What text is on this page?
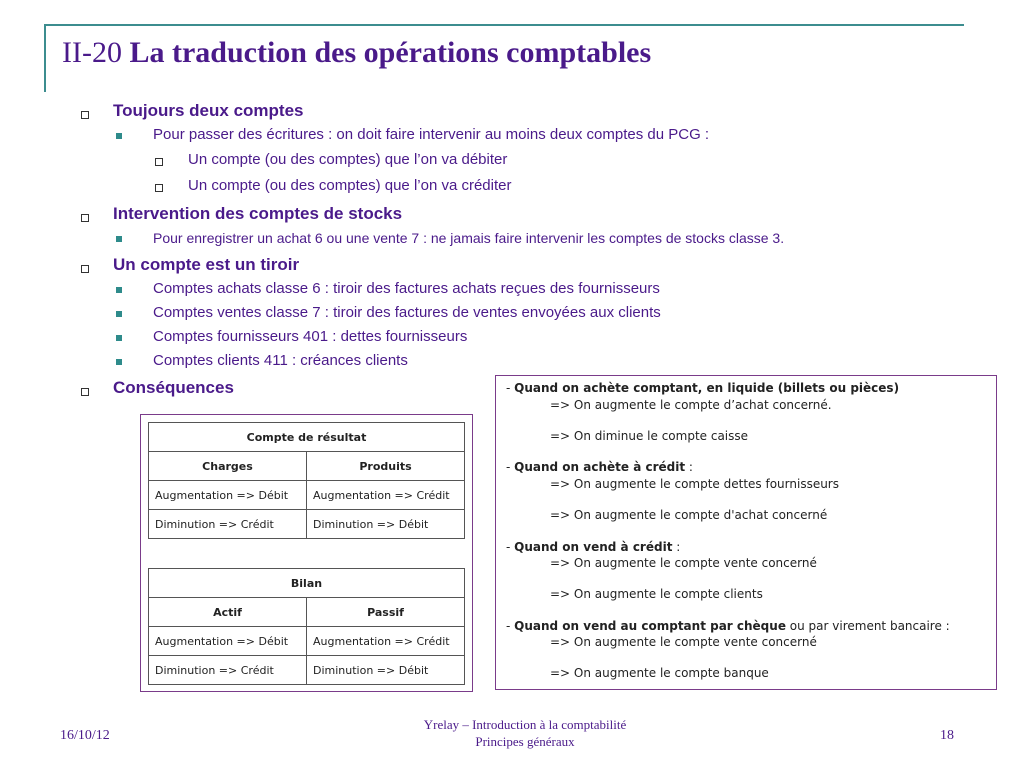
II-20 La traduction des opérations comptables
Toujours deux comptes
Pour passer des écritures : on doit faire intervenir au moins deux comptes du PCG :
Un compte (ou des comptes) que l’on va débiter
Un compte (ou des comptes) que l’on va créditer
Intervention des comptes de stocks
Pour enregistrer un achat 6 ou une vente 7 : ne jamais faire intervenir les comptes de stocks classe 3.
Un compte est un tiroir
Comptes achats classe 6 : tiroir des factures achats reçues des fournisseurs
Comptes ventes classe 7 : tiroir des factures de ventes envoyées aux clients
Comptes fournisseurs 401 : dettes fournisseurs
Comptes clients 411 : créances clients
Conséquences
Compte de résultat	
Charges	Produits
Augmentation => Débit	Augmentation => Crédit
Diminution => Crédit	Diminution => Débit
Bilan	
Actif	Passif
Augmentation => Débit	Augmentation => Crédit
Diminution => Crédit	Diminution => Débit
- Quand on achète comptant, en liquide (billets ou pièces)
=> On augmente le compte d’achat concerné.
=> On diminue le compte caisse
- Quand on achète à crédit :
=> On augmente le compte dettes fournisseurs
=> On augmente le compte d'achat concerné
- Quand on vend à crédit :
=> On augmente le compte vente concerné
=> On augmente le compte clients
- Quand on vend au comptant par chèque ou par virement bancaire :
=> On augmente le compte vente concerné
=> On augmente le compte banque
16/10/12
Yrelay – Introduction à la comptabilité
Principes généraux	18
